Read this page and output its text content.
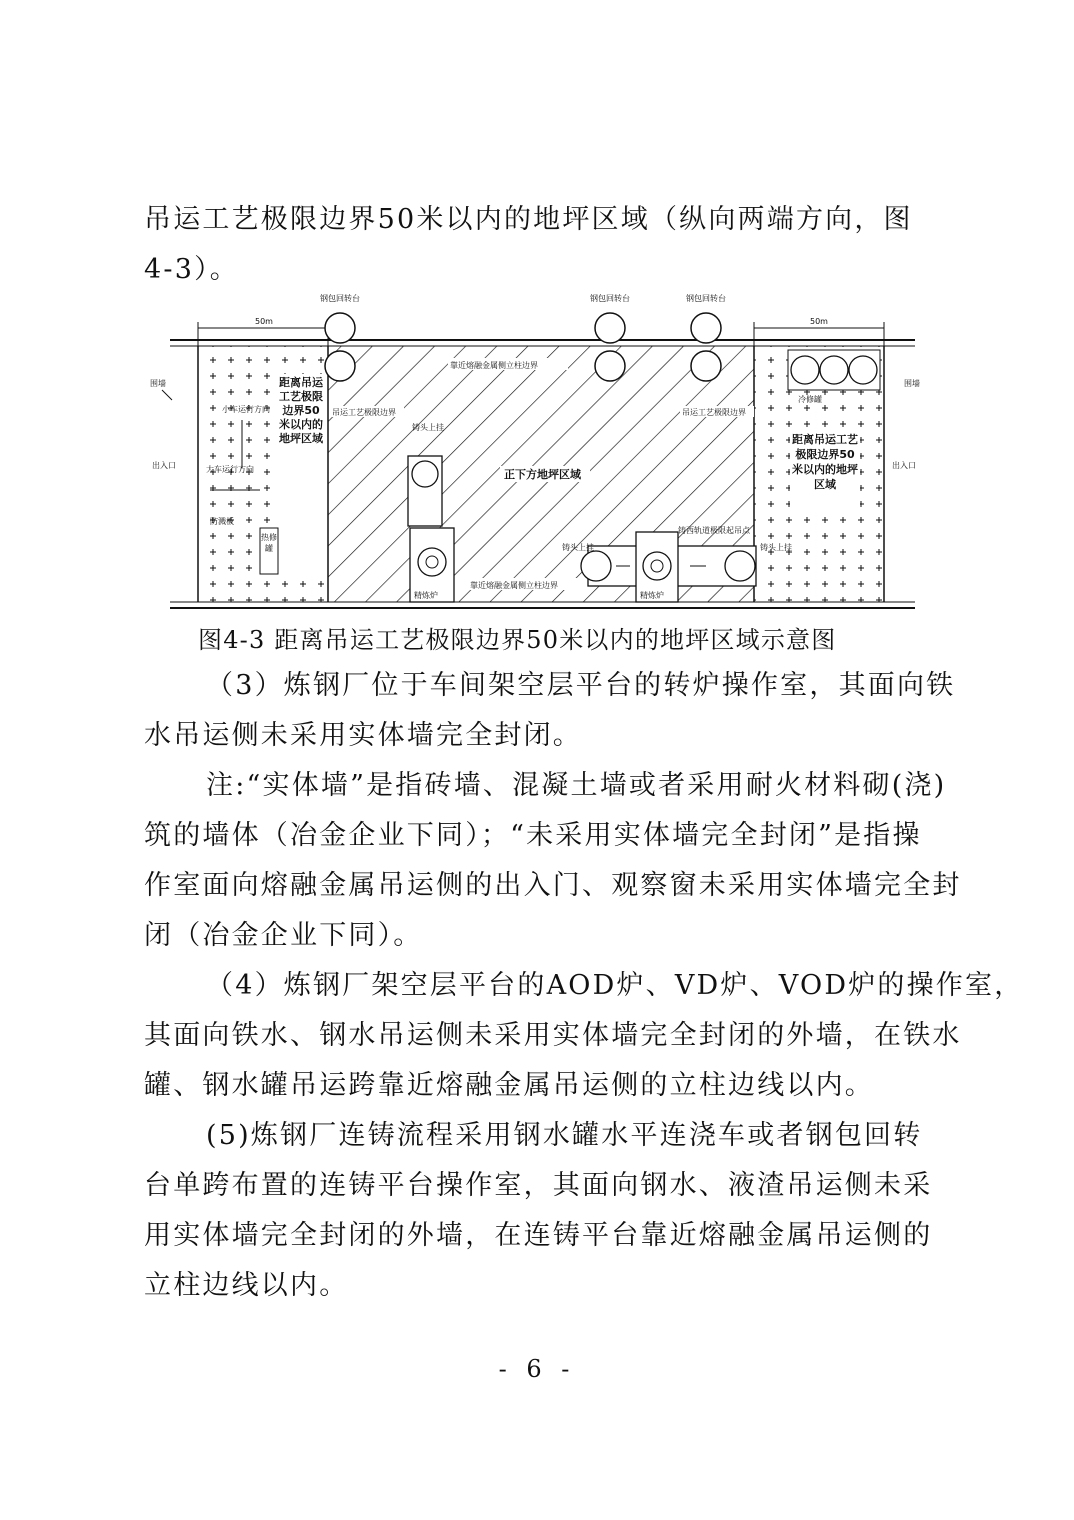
吊运工艺极限边界50米以内的地坪区域（纵向两端方向，图
4-3）。
50m	50m
钢包回转台	钢包回转台	钢包回转台
围墙	围墙
出入口	出入口
靠近熔融金属侧立柱边界
靠近熔融金属侧立柱边界
吊运工艺极限边界	吊运工艺极限边界
距离吊运工艺极限边界50米以内的地坪区域
小车运行方向
大车运行方向
防溅板
热修罐
冷修罐
距离吊运工艺极限边界50米以内的地坪区域
正下方地坪区域
精炼炉
铸头上挂
精炼炉
铸西轨道极限起吊点
铸头上挂	铸头上挂
图4-3 距离吊运工艺极限边界50米以内的地坪区域示意图
（3）炼钢厂位于车间架空层平台的转炉操作室，其面向铁
水吊运侧未采用实体墙完全封闭。
注:“实体墙”是指砖墙、混凝土墙或者采用耐火材料砌(浇)
筑的墙体（冶金企业下同）；“未采用实体墙完全封闭”是指操
作室面向熔融金属吊运侧的出入门、观察窗未采用实体墙完全封
闭（冶金企业下同）。
（4）炼钢厂架空层平台的AOD炉、VD炉、VOD炉的操作室，
其面向铁水、钢水吊运侧未采用实体墙完全封闭的外墙，在铁水
罐、钢水罐吊运跨靠近熔融金属吊运侧的立柱边线以内。
(5)炼钢厂连铸流程采用钢水罐水平连浇车或者钢包回转
台单跨布置的连铸平台操作室，其面向钢水、液渣吊运侧未采
用实体墙完全封闭的外墙，在连铸平台靠近熔融金属吊运侧的
立柱边线以内。
- 6 -
